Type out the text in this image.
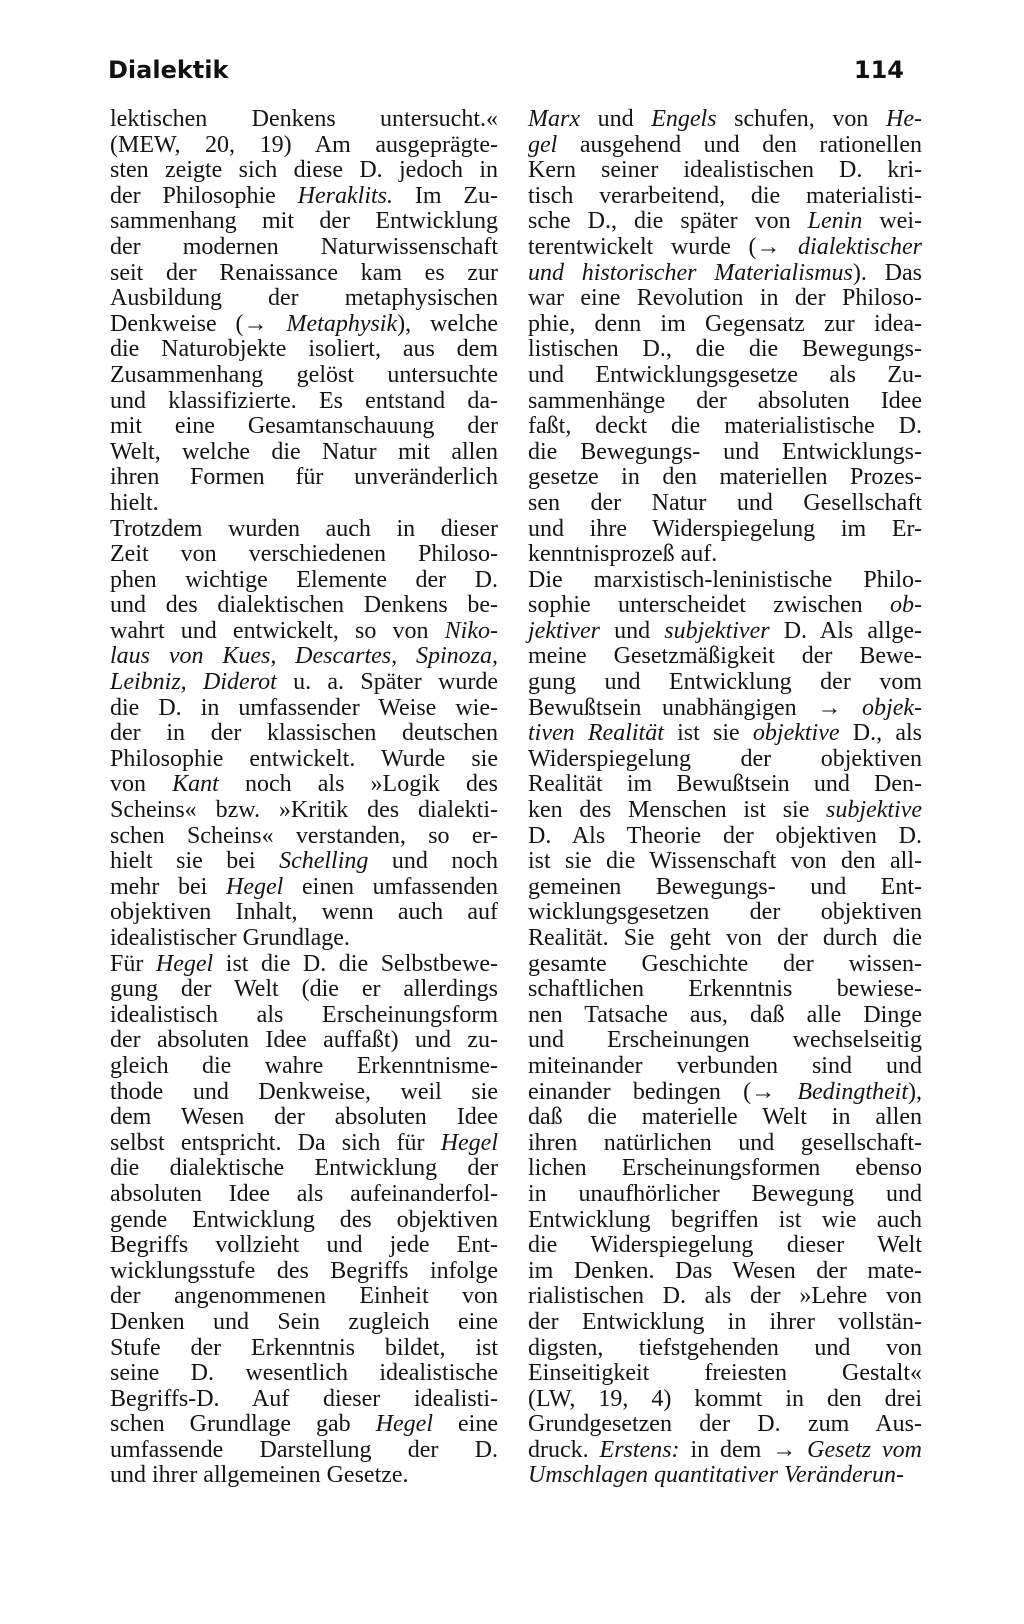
Dialektik	114
lektischen Denkens untersucht.«
(MEW, 20, 19) Am ausgeprägte-
sten zeigte sich diese D. jedoch in
der Philosophie Heraklits. Im Zu-
sammenhang mit der Entwicklung
der modernen Naturwissenschaft
seit der Renaissance kam es zur
Ausbildung der metaphysischen
Denkweise (→ Metaphysik), welche
die Naturobjekte isoliert, aus dem
Zusammenhang gelöst untersuchte
und klassifizierte. Es entstand da-
mit eine Gesamtanschauung der
Welt, welche die Natur mit allen
ihren Formen für unveränderlich
hielt.
Trotzdem wurden auch in dieser
Zeit von verschiedenen Philoso-
phen wichtige Elemente der D.
und des dialektischen Denkens be-
wahrt und entwickelt, so von Niko-
laus von Kues, Descartes, Spinoza,
Leibniz, Diderot u. a. Später wurde
die D. in umfassender Weise wie-
der in der klassischen deutschen
Philosophie entwickelt. Wurde sie
von Kant noch als »Logik des
Scheins« bzw. »Kritik des dialekti-
schen Scheins« verstanden, so er-
hielt sie bei Schelling und noch
mehr bei Hegel einen umfassenden
objektiven Inhalt, wenn auch auf
idealistischer Grundlage.
Für Hegel ist die D. die Selbstbewe-
gung der Welt (die er allerdings
idealistisch als Erscheinungsform
der absoluten Idee auffaßt) und zu-
gleich die wahre Erkenntnisme-
thode und Denkweise, weil sie
dem Wesen der absoluten Idee
selbst entspricht. Da sich für Hegel
die dialektische Entwicklung der
absoluten Idee als aufeinanderfol-
gende Entwicklung des objektiven
Begriffs vollzieht und jede Ent-
wicklungsstufe des Begriffs infolge
der angenommenen Einheit von
Denken und Sein zugleich eine
Stufe der Erkenntnis bildet, ist
seine D. wesentlich idealistische
Begriffs-D. Auf dieser idealisti-
schen Grundlage gab Hegel eine
umfassende Darstellung der D.
und ihrer allgemeinen Gesetze.
Marx und Engels schufen, von He-
gel ausgehend und den rationellen
Kern seiner idealistischen D. kri-
tisch verarbeitend, die materialisti-
sche D., die später von Lenin wei-
terentwickelt wurde (→ dialektischer
und historischer Materialismus). Das
war eine Revolution in der Philoso-
phie, denn im Gegensatz zur idea-
listischen D., die die Bewegungs-
und Entwicklungsgesetze als Zu-
sammenhänge der absoluten Idee
faßt, deckt die materialistische D.
die Bewegungs- und Entwicklungs-
gesetze in den materiellen Prozes-
sen der Natur und Gesellschaft
und ihre Widerspiegelung im Er-
kenntnisprozeß auf.
Die marxistisch-leninistische Philo-
sophie unterscheidet zwischen ob-
jektiver und subjektiver D. Als allge-
meine Gesetzmäßigkeit der Bewe-
gung und Entwicklung der vom
Bewußtsein unabhängigen → objek-
tiven Realität ist sie objektive D., als
Widerspiegelung der objektiven
Realität im Bewußtsein und Den-
ken des Menschen ist sie subjektive
D. Als Theorie der objektiven D.
ist sie die Wissenschaft von den all-
gemeinen Bewegungs- und Ent-
wicklungsgesetzen der objektiven
Realität. Sie geht von der durch die
gesamte Geschichte der wissen-
schaftlichen Erkenntnis bewiese-
nen Tatsache aus, daß alle Dinge
und Erscheinungen wechselseitig
miteinander verbunden sind und
einander bedingen (→ Bedingtheit),
daß die materielle Welt in allen
ihren natürlichen und gesellschaft-
lichen Erscheinungsformen ebenso
in unaufhörlicher Bewegung und
Entwicklung begriffen ist wie auch
die Widerspiegelung dieser Welt
im Denken. Das Wesen der mate-
rialistischen D. als der »Lehre von
der Entwicklung in ihrer vollstän-
digsten, tiefstgehenden und von
Einseitigkeit freiesten Gestalt«
(LW, 19, 4) kommt in den drei
Grundgesetzen der D. zum Aus-
druck. Erstens: in dem → Gesetz vom
Umschlagen quantitativer Veränderun-
